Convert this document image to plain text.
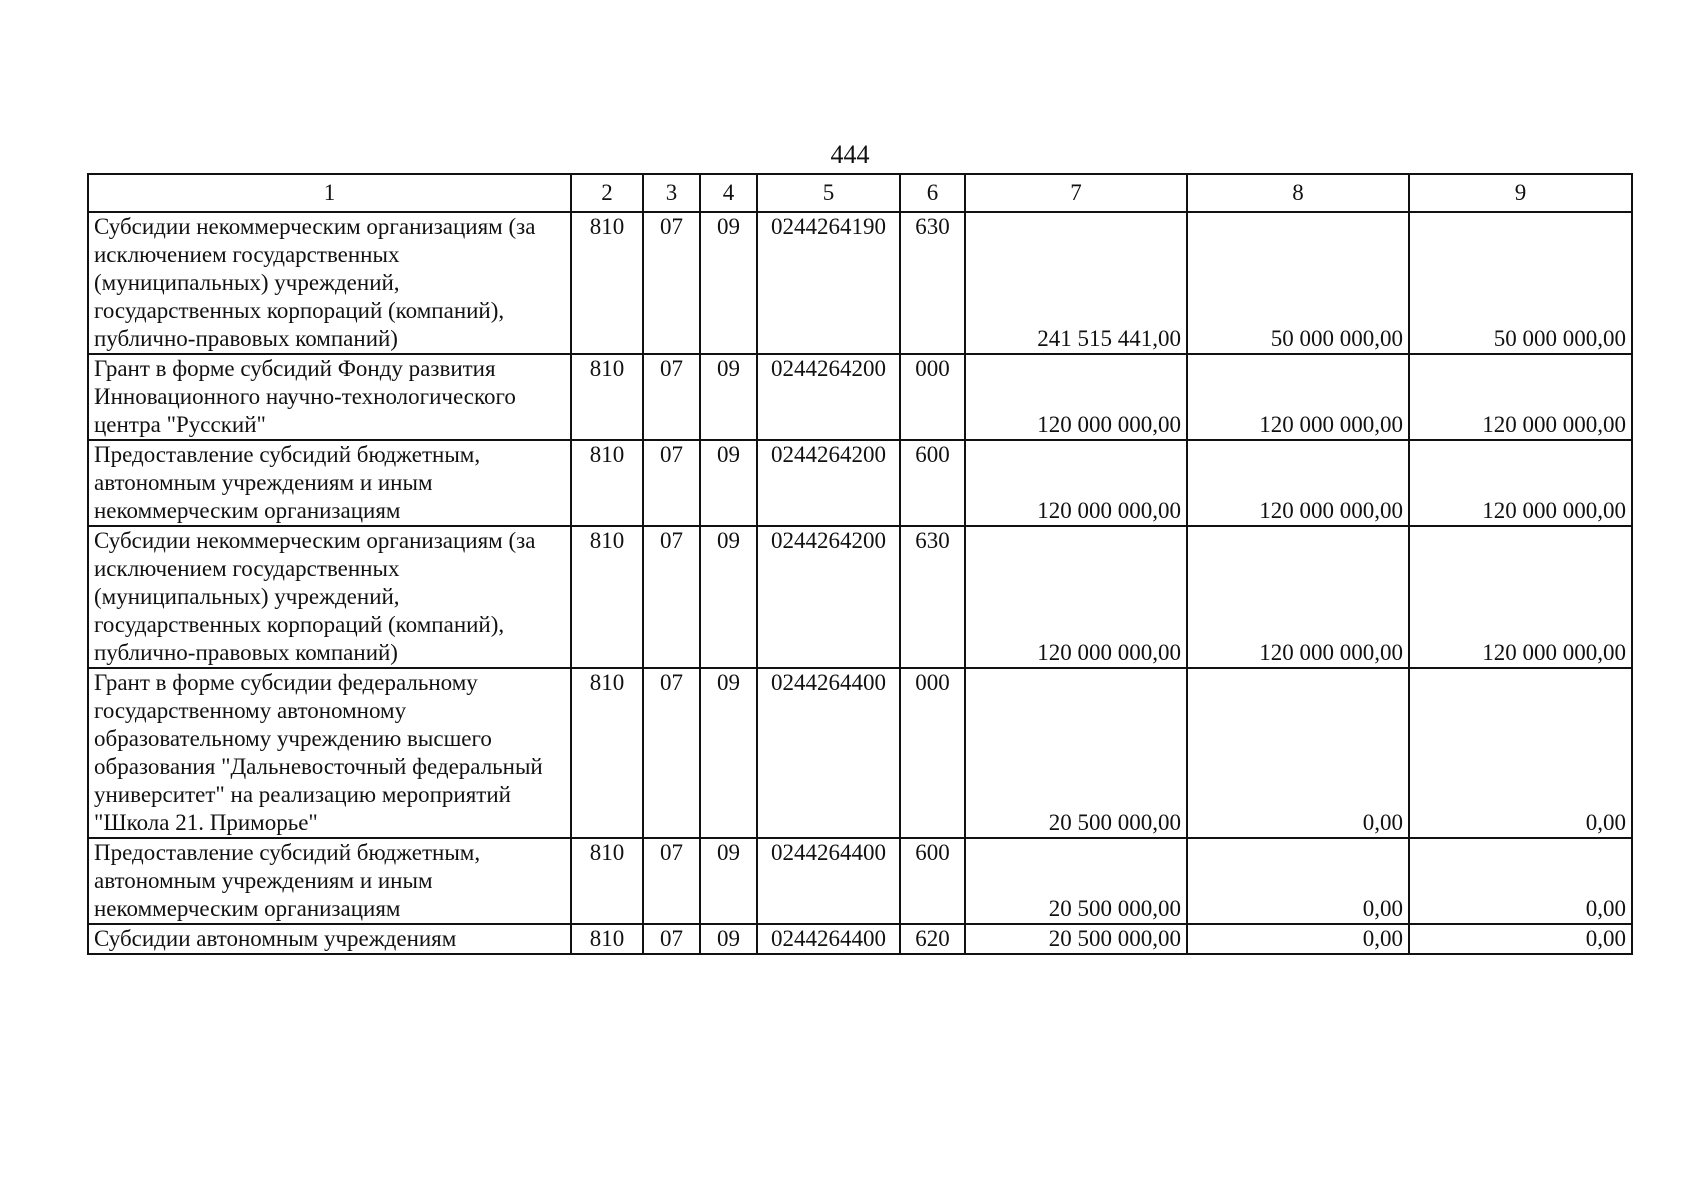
444
1	2	3	4	5	6	7	8	9
Субсидии некоммерческим организациям (за исключением государственных (муниципальных) учреждений, государственных корпораций (компаний), публично-правовых компаний)	810	07	09	0244264190	630	241 515 441,00	50 000 000,00	50 000 000,00
Грант в форме субсидий Фонду развития Инновационного научно-технологического центра "Русский"	810	07	09	0244264200	000	120 000 000,00	120 000 000,00	120 000 000,00
Предоставление субсидий бюджетным, автономным учреждениям и иным некоммерческим организациям	810	07	09	0244264200	600	120 000 000,00	120 000 000,00	120 000 000,00
Субсидии некоммерческим организациям (за исключением государственных (муниципальных) учреждений, государственных корпораций (компаний), публично-правовых компаний)	810	07	09	0244264200	630	120 000 000,00	120 000 000,00	120 000 000,00
Грант в форме субсидии федеральному государственному автономному образовательному учреждению высшего образования "Дальневосточный федеральный университет" на реализацию мероприятий "Школа 21. Приморье"	810	07	09	0244264400	000	20 500 000,00	0,00	0,00
Предоставление субсидий бюджетным, автономным учреждениям и иным некоммерческим организациям	810	07	09	0244264400	600	20 500 000,00	0,00	0,00
Субсидии автономным учреждениям	810	07	09	0244264400	620	20 500 000,00	0,00	0,00
